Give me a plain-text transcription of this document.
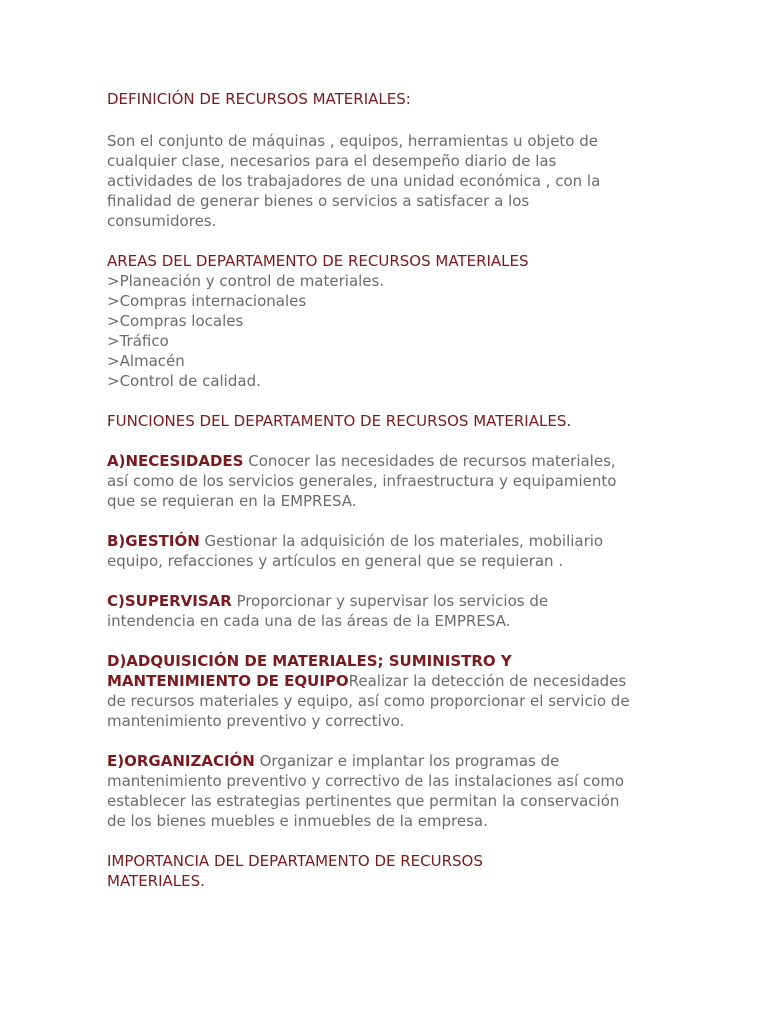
DEFINICIÓN DE RECURSOS MATERIALES:

Son el conjunto de máquinas , equipos, herramientas u objeto de
cualquier clase, necesarios para el desempeño diario de las
actividades de los trabajadores de una unidad económica , con la
finalidad de generar bienes o servicios a satisfacer a los
consumidores.

AREAS DEL DEPARTAMENTO DE RECURSOS MATERIALES

>Planeación y control de materiales.
>Compras internacionales
>Compras locales
>Tráfico
>Almacén
>Control de calidad.

FUNCIONES DEL DEPARTAMENTO DE RECURSOS MATERIALES.

A)NECESIDADES Conocer las necesidades de recursos materiales,
así como de los servicios generales, infraestructura y equipamiento
que se requieran en la EMPRESA.

B)GESTIÓN Gestionar la adquisición de los materiales, mobiliario
equipo, refacciones y artículos en general que se requieran .

C)SUPERVISAR Proporcionar y supervisar los servicios de
intendencia en cada una de las áreas de la EMPRESA.

D)ADQUISICIÓN DE MATERIALES; SUMINISTRO Y
MANTENIMIENTO DE EQUIPORealizar la detección de necesidades
de recursos materiales y equipo, así como proporcionar el servicio de
mantenimiento preventivo y correctivo.

E)ORGANIZACIÓN Organizar e implantar los programas de
mantenimiento preventivo y correctivo de las instalaciones así como
establecer las estrategias pertinentes que permitan la conservación
de los bienes muebles e inmuebles de la empresa.

IMPORTANCIA DEL DEPARTAMENTO DE RECURSOS
MATERIALES.
